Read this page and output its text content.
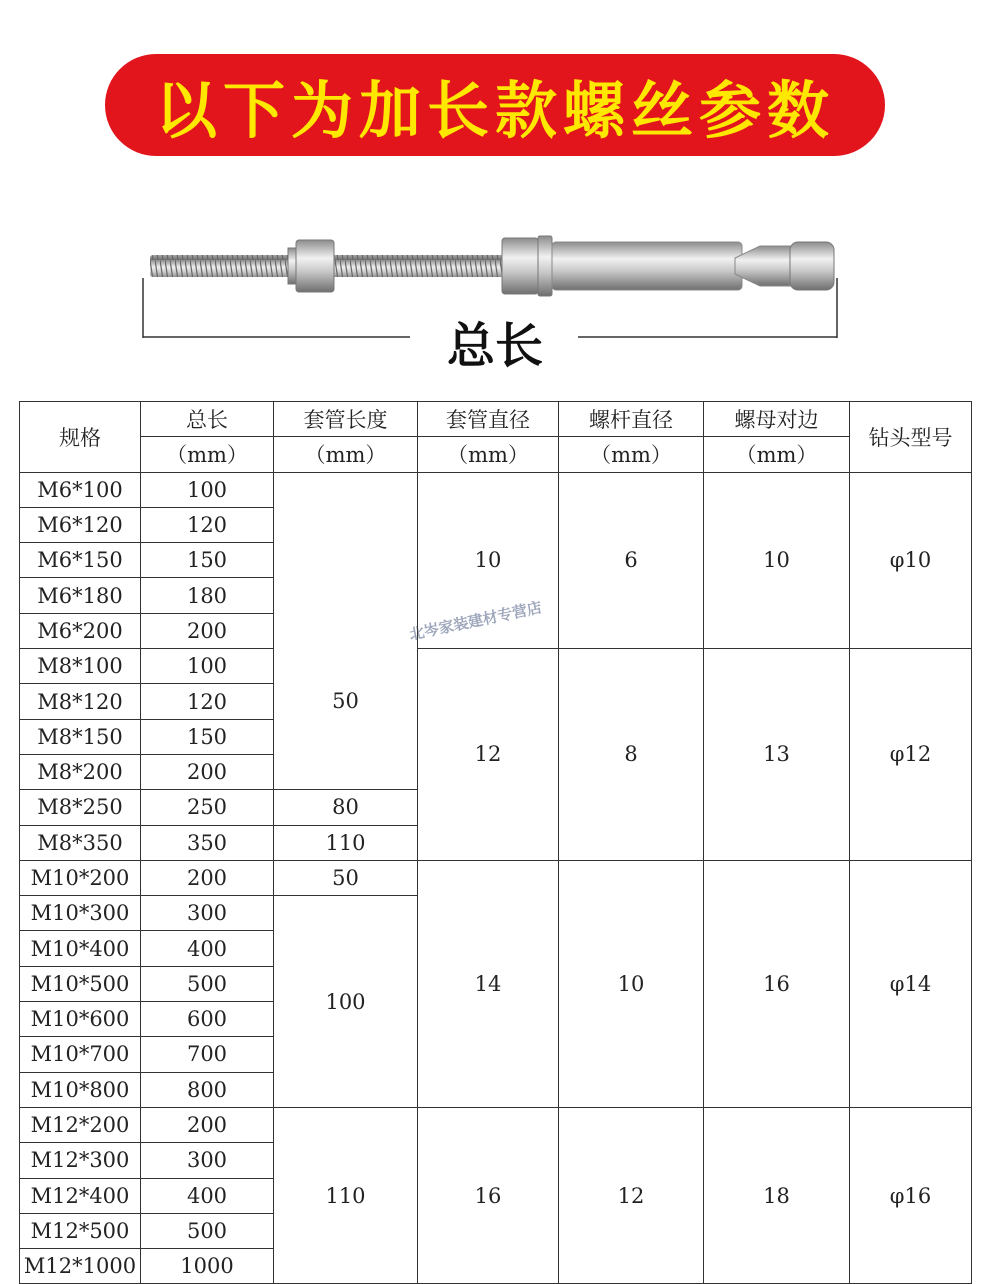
以下为加长款螺丝参数
总长
北岑家装建材专营店
规格	总长	套管长度	套管直径	螺杆直径	螺母对边	钻头型号
	（mm）	（mm）	（mm）	（mm）	（mm）	
M6*100	100	50	10	6	10	φ10
M6*120	120					
M6*150	150					
M6*180	180					
M6*200	200					
M8*100	100		12	8	13	φ12
M8*120	120					
M8*150	150					
M8*200	200					
M8*250	250	80				
M8*350	350	110				
M10*200	200	50	14	10	16	φ14
M10*300	300	100				
M10*400	400					
M10*500	500					
M10*600	600					
M10*700	700					
M10*800	800					
M12*200	200	110	16	12	18	φ16
M12*300	300					
M12*400	400					
M12*500	500					
M12*1000	1000					
